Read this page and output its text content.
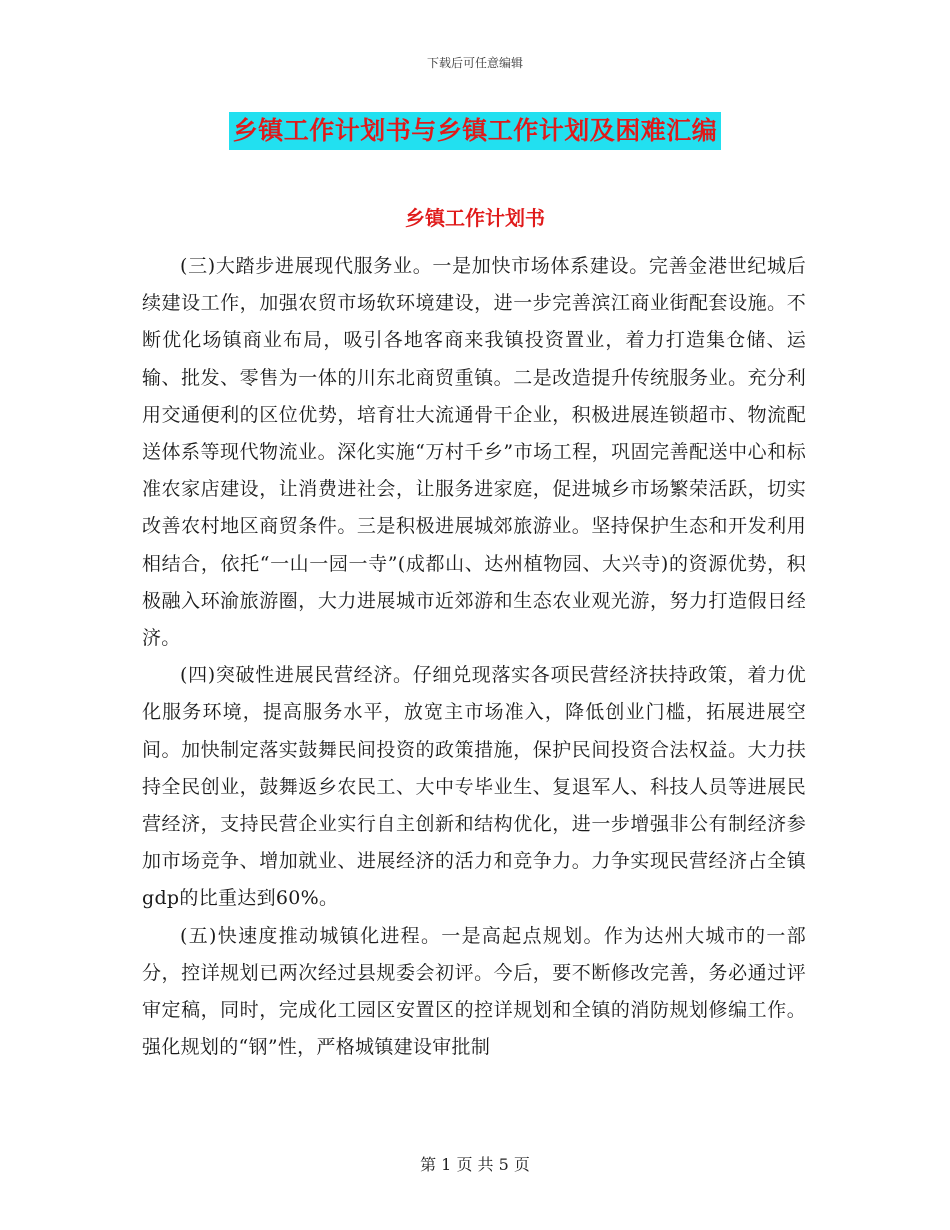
下载后可任意编辑
乡镇工作计划书与乡镇工作计划及困难汇编
乡镇工作计划书

(三)大踏步进展现代服务业。一是加快市场体系建设。完善金港世纪城后续建设工作，加强农贸市场软环境建设，进一步完善滨江商业街配套设施。不断优化场镇商业布局，吸引各地客商来我镇投资置业，着力打造集仓储、运输、批发、零售为一体的川东北商贸重镇。二是改造提升传统服务业。充分利用交通便利的区位优势，培育壮大流通骨干企业，积极进展连锁超市、物流配送体系等现代物流业。深化实施“万村千乡”市场工程，巩固完善配送中心和标准农家店建设，让消费进社会，让服务进家庭，促进城乡市场繁荣活跃，切实改善农村地区商贸条件。三是积极进展城郊旅游业。坚持保护生态和开发利用相结合，依托“一山一园一寺”(成都山、达州植物园、大兴寺)的资源优势，积极融入环渝旅游圈，大力进展城市近郊游和生态农业观光游，努力打造假日经济。

(四)突破性进展民营经济。仔细兑现落实各项民营经济扶持政策，着力优化服务环境，提高服务水平，放宽主市场准入，降低创业门槛，拓展进展空间。加快制定落实鼓舞民间投资的政策措施，保护民间投资合法权益。大力扶持全民创业，鼓舞返乡农民工、大中专毕业生、复退军人、科技人员等进展民营经济，支持民营企业实行自主创新和结构优化，进一步增强非公有制经济参加市场竞争、增加就业、进展经济的活力和竞争力。力争实现民营经济占全镇gdp的比重达到60%。

(五)快速度推动城镇化进程。一是高起点规划。作为达州大城市的一部分，控详规划已两次经过县规委会初评。今后，要不断修改完善，务必通过评审定稿，同时，完成化工园区安置区的控详规划和全镇的消防规划修编工作。强化规划的“钢”性，严格城镇建设审批制

第 1 页 共 5 页
